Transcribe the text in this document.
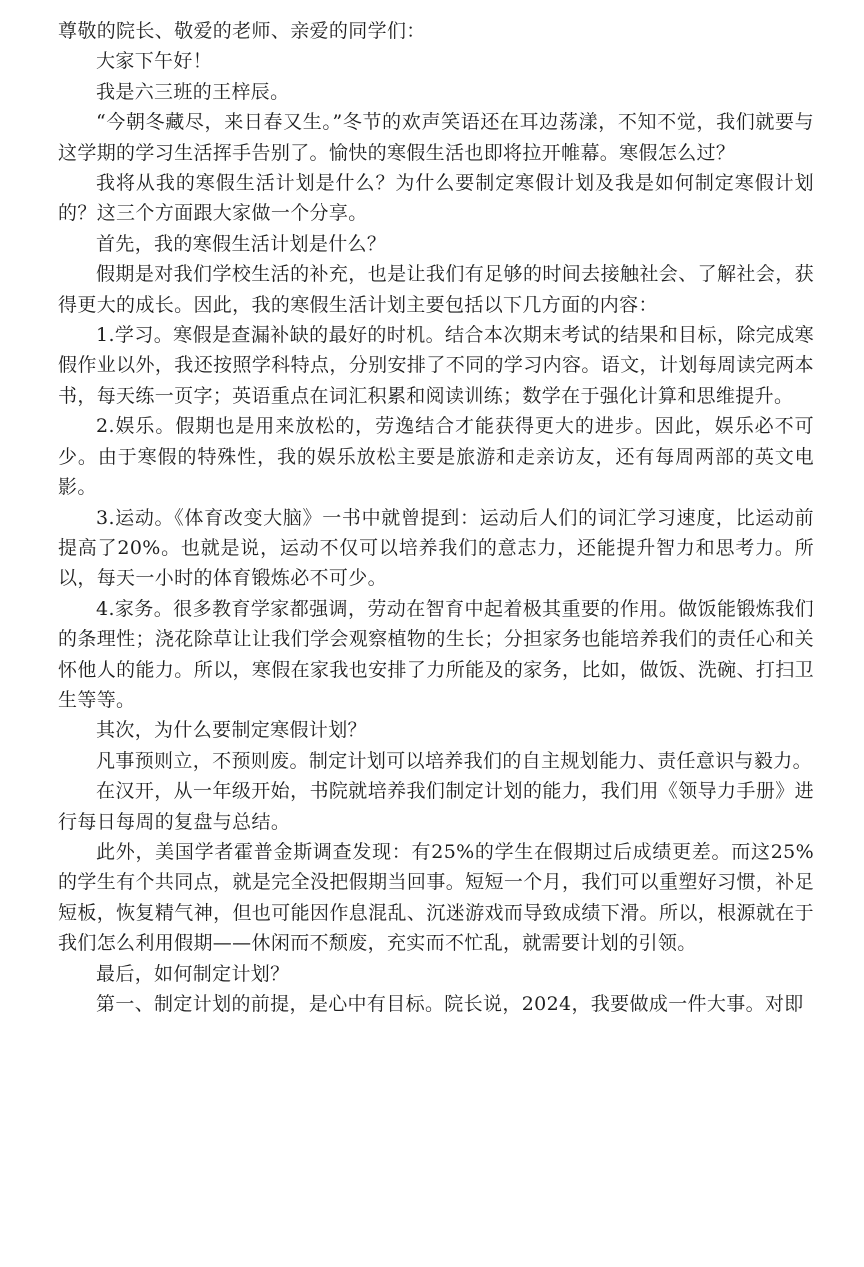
尊敬的院长、敬爱的老师、亲爱的同学们：

大家下午好！

我是六三班的王梓辰。

“今朝冬藏尽，来日春又生。”冬节的欢声笑语还在耳边荡漾，不知不觉，我们就要与这学期的学习生活挥手告别了。愉快的寒假生活也即将拉开帷幕。寒假怎么过？

我将从我的寒假生活计划是什么？为什么要制定寒假计划及我是如何制定寒假计划的？这三个方面跟大家做一个分享。

首先，我的寒假生活计划是什么？

假期是对我们学校生活的补充，也是让我们有足够的时间去接触社会、了解社会，获得更大的成长。因此，我的寒假生活计划主要包括以下几方面的内容：

1.学习。寒假是查漏补缺的最好的时机。结合本次期末考试的结果和目标，除完成寒假作业以外，我还按照学科特点，分别安排了不同的学习内容。语文，计划每周读完两本书，每天练一页字；英语重点在词汇积累和阅读训练；数学在于强化计算和思维提升。

2.娱乐。假期也是用来放松的，劳逸结合才能获得更大的进步。因此，娱乐必不可少。由于寒假的特殊性，我的娱乐放松主要是旅游和走亲访友，还有每周两部的英文电影。

3.运动。《体育改变大脑》一书中就曾提到：运动后人们的词汇学习速度，比运动前提高了20%。也就是说，运动不仅可以培养我们的意志力，还能提升智力和思考力。所以，每天一小时的体育锻炼必不可少。

4.家务。很多教育学家都强调，劳动在智育中起着极其重要的作用。做饭能锻炼我们的条理性；浇花除草让让我们学会观察植物的生长；分担家务也能培养我们的责任心和关怀他人的能力。所以，寒假在家我也安排了力所能及的家务，比如，做饭、洗碗、打扫卫生等等。

其次，为什么要制定寒假计划？

凡事预则立，不预则废。制定计划可以培养我们的自主规划能力、责任意识与毅力。

在汉开，从一年级开始，书院就培养我们制定计划的能力，我们用《领导力手册》进行每日每周的复盘与总结。

此外，美国学者霍普金斯调查发现：有25%的学生在假期过后成绩更差。而这25%的学生有个共同点，就是完全没把假期当回事。短短一个月，我们可以重塑好习惯，补足短板，恢复精气神，但也可能因作息混乱、沉迷游戏而导致成绩下滑。所以，根源就在于我们怎么利用假期——休闲而不颓废，充实而不忙乱，就需要计划的引领。

最后，如何制定计划？

第一、制定计划的前提，是心中有目标。院长说，2024，我要做成一件大事。对即
